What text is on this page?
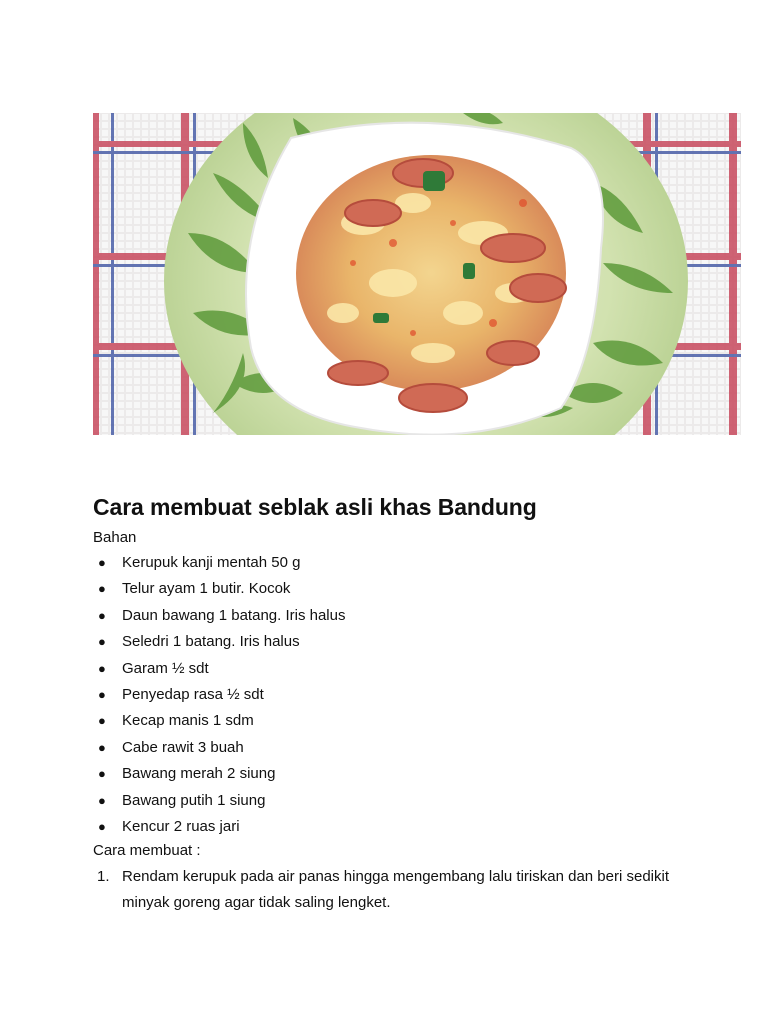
Cara membuat seblak asli khas Bandung
Bahan
● Kerupuk kanji mentah 50 g
● Telur ayam 1 butir. Kocok
● Daun bawang 1 batang. Iris halus
● Seledri 1 batang. Iris halus
● Garam ½ sdt
● Penyedap rasa ½ sdt
● Kecap manis 1 sdm
● Cabe rawit 3 buah
● Bawang merah 2 siung
● Bawang putih 1 siung
● Kencur 2 ruas jari
Cara membuat :
1. Rendam kerupuk pada air panas hingga mengembang lalu tiriskan dan beri sedikit minyak goreng agar tidak saling lengket.
